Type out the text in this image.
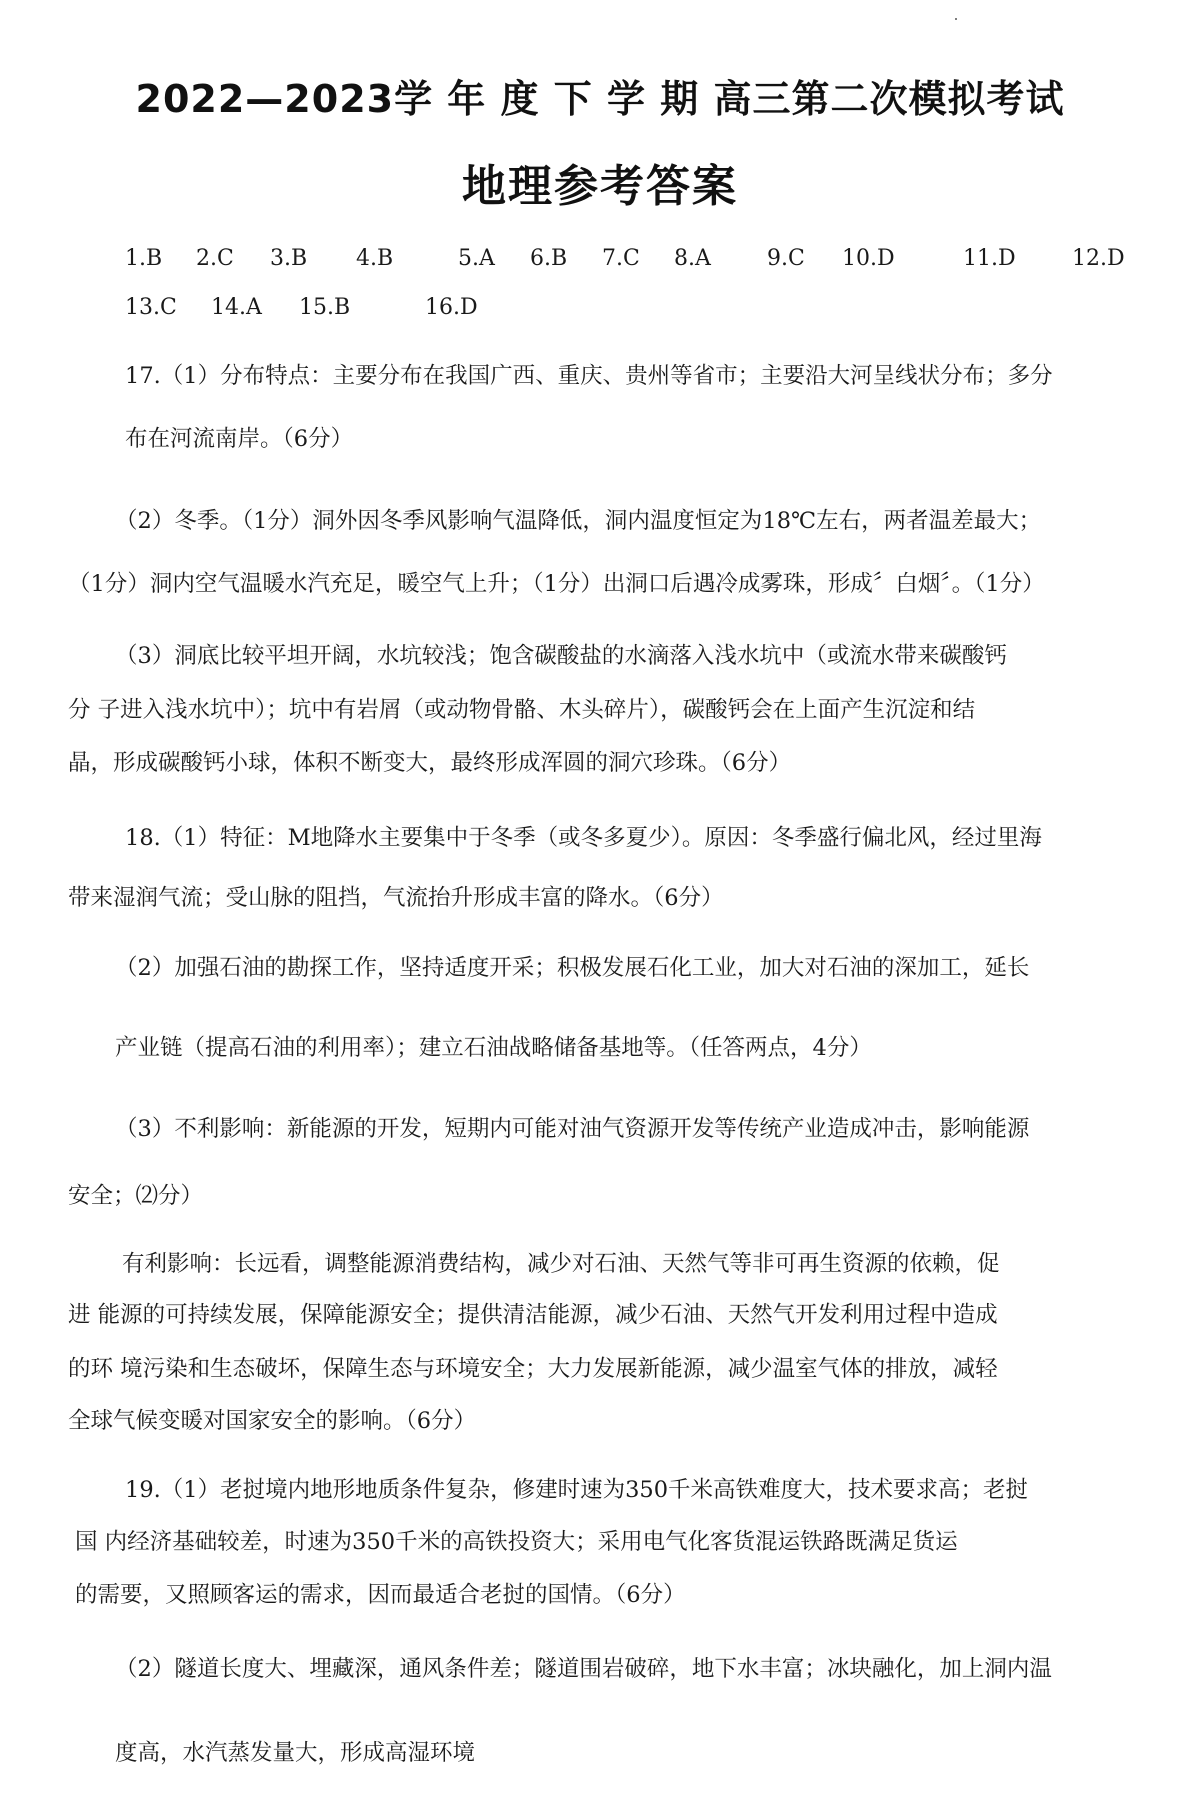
2022—2023学 年 度 下 学 期 高三第二次模拟考试
地理参考答案
1.B 2.C 3.B 4.B	5.A 6.B 7.C 8.A	9.C 10.D	11.D	12.D
13.C 14.A 15.B	16.D
17.（1）分布特点：主要分布在我国广西、重庆、贵州等省市；主要沿大河呈线状分布；多分
布在河流南岸。（6分）
（2）冬季。（1分）洞外因冬季风影响气温降低，洞内温度恒定为18℃左右，两者温差最大；
（1分）洞内空气温暖水汽充足，暖空气上升；（1分）出洞口后遇冷成雾珠，形成〞白烟〞。（1分）
（3）洞底比较平坦开阔，水坑较浅；饱含碳酸盐的水滴落入浅水坑中（或流水带来碳酸钙
分 子进入浅水坑中）；坑中有岩屑（或动物骨骼、木头碎片），碳酸钙会在上面产生沉淀和结
晶，形成碳酸钙小球，体积不断变大，最终形成浑圆的洞穴珍珠。（6分）
18.（1）特征：M地降水主要集中于冬季（或冬多夏少）。原因：冬季盛行偏北风，经过里海
带来湿润气流；受山脉的阻挡，气流抬升形成丰富的降水。（6分）
（2）加强石油的勘探工作，坚持适度开采；积极发展石化工业，加大对石油的深加工，延长
产业链（提高石油的利用率）；建立石油战略储备基地等。（任答两点，4分）
（3）不利影响：新能源的开发，短期内可能对油气资源开发等传统产业造成冲击，影响能源
安全；⑵分）
有利影响：长远看，调整能源消费结构，减少对石油、天然气等非可再生资源的依赖，促
进 能源的可持续发展，保障能源安全；提供清洁能源，减少石油、天然气开发利用过程中造成
的环 境污染和生态破坏，保障生态与环境安全；大力发展新能源，减少温室气体的排放，减轻
全球气候变暖对国家安全的影响。（6分）
19.（1）老挝境内地形地质条件复杂，修建时速为350千米高铁难度大，技术要求高；老挝
国 内经济基础较差，时速为350千米的高铁投资大；采用电气化客货混运铁路既满足货运
的需要，又照顾客运的需求，因而最适合老挝的国情。（6分）
（2）隧道长度大、埋藏深，通风条件差；隧道围岩破碎，地下水丰富；冰块融化，加上洞内温
度高，水汽蒸发量大，形成高湿环境
